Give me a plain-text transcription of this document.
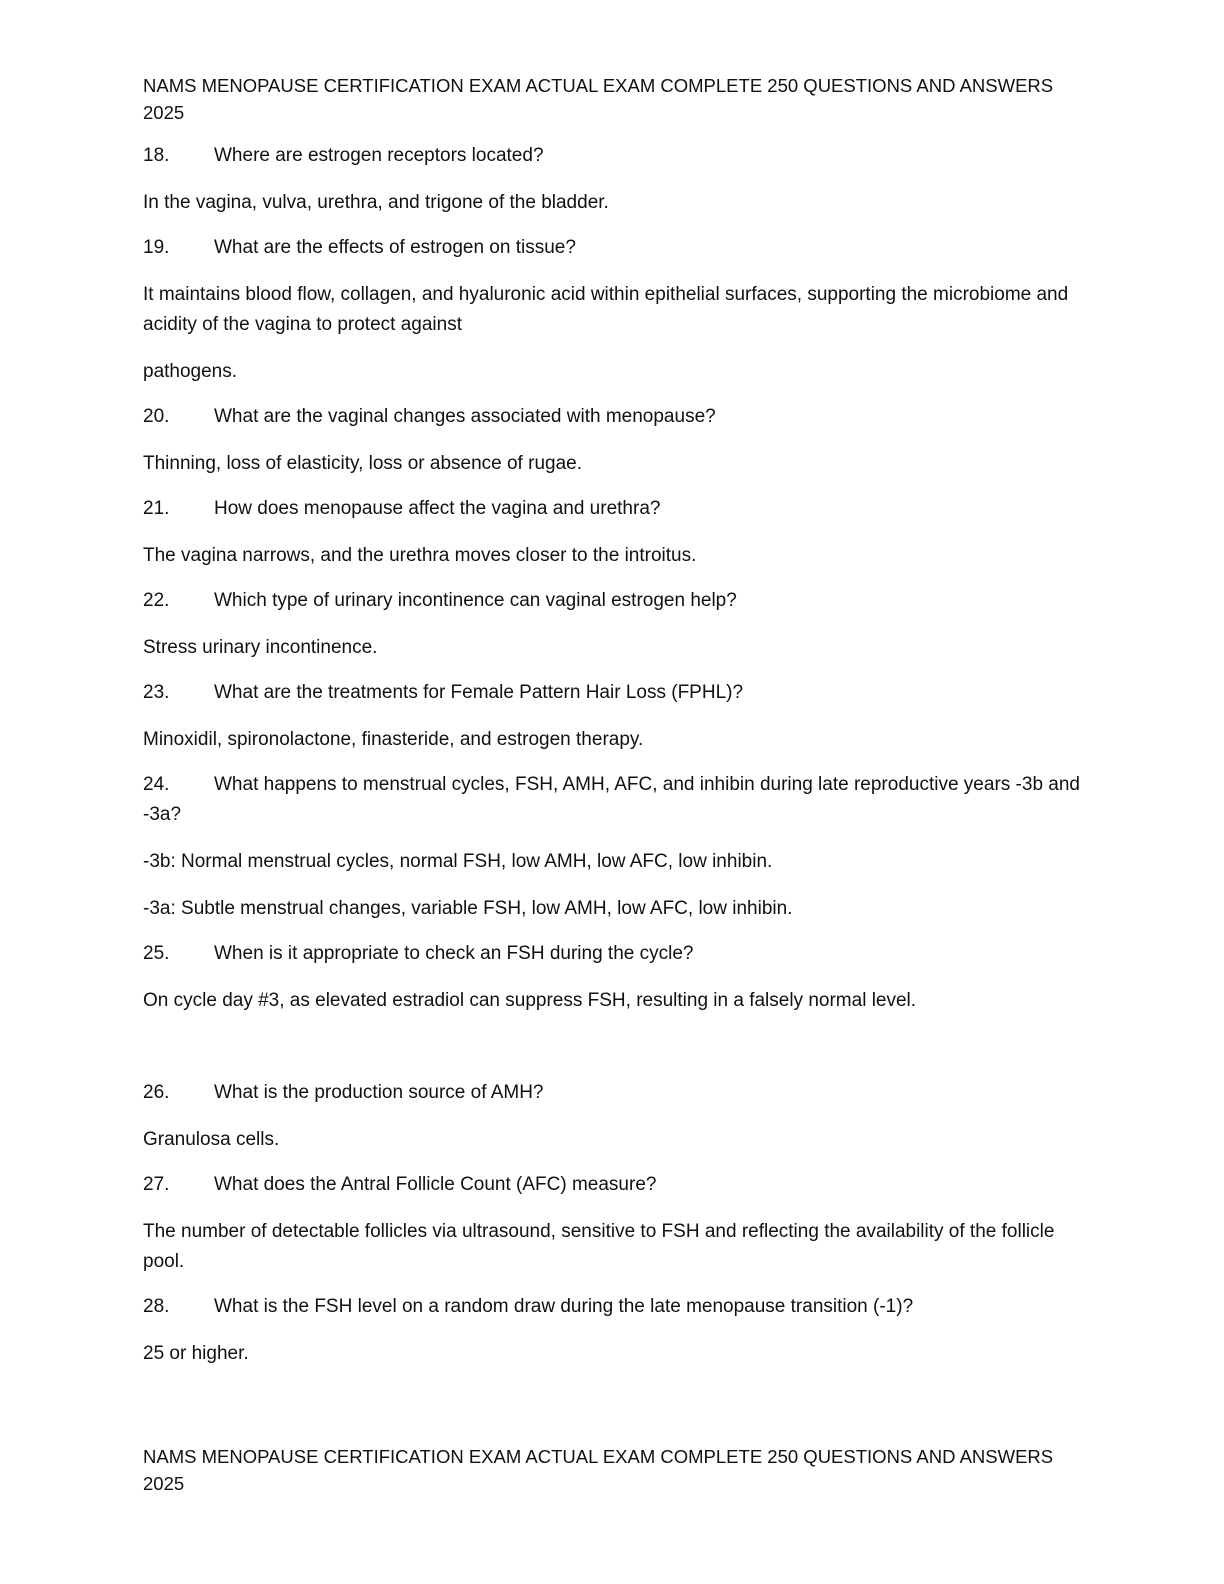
NAMS MENOPAUSE CERTIFICATION EXAM ACTUAL EXAM COMPLETE 250 QUESTIONS AND ANSWERS 2025

18.	Where are estrogen receptors located?

In the vagina, vulva, urethra, and trigone of the bladder.

19.	What are the effects of estrogen on tissue?

It maintains blood flow, collagen, and hyaluronic acid within epithelial surfaces, supporting the microbiome and acidity of the vagina to protect against

pathogens.

20.	What are the vaginal changes associated with menopause?

Thinning, loss of elasticity, loss or absence of rugae.

21.	How does menopause affect the vagina and urethra?

The vagina narrows, and the urethra moves closer to the introitus.

22.	Which type of urinary incontinence can vaginal estrogen help?

Stress urinary incontinence.

23.	What are the treatments for Female Pattern Hair Loss (FPHL)?

Minoxidil, spironolactone, finasteride, and estrogen therapy.

24. What happens to menstrual cycles, FSH, AMH, AFC, and inhibin during late reproductive years -3b and -3a?

-3b: Normal menstrual cycles, normal FSH, low AMH, low AFC, low inhibin.

-3a: Subtle menstrual changes, variable FSH, low AMH, low AFC, low inhibin.

25.	When is it appropriate to check an FSH during the cycle?

On cycle day #3, as elevated estradiol can suppress FSH, resulting in a falsely normal level.

26.	What is the production source of AMH?

Granulosa cells.

27.	What does the Antral Follicle Count (AFC) measure?

The number of detectable follicles via ultrasound, sensitive to FSH and reflecting the availability of the follicle pool.

28.	What is the FSH level on a random draw during the late menopause transition (-1)?

25 or higher.

NAMS MENOPAUSE CERTIFICATION EXAM ACTUAL EXAM COMPLETE 250 QUESTIONS AND ANSWERS 2025
